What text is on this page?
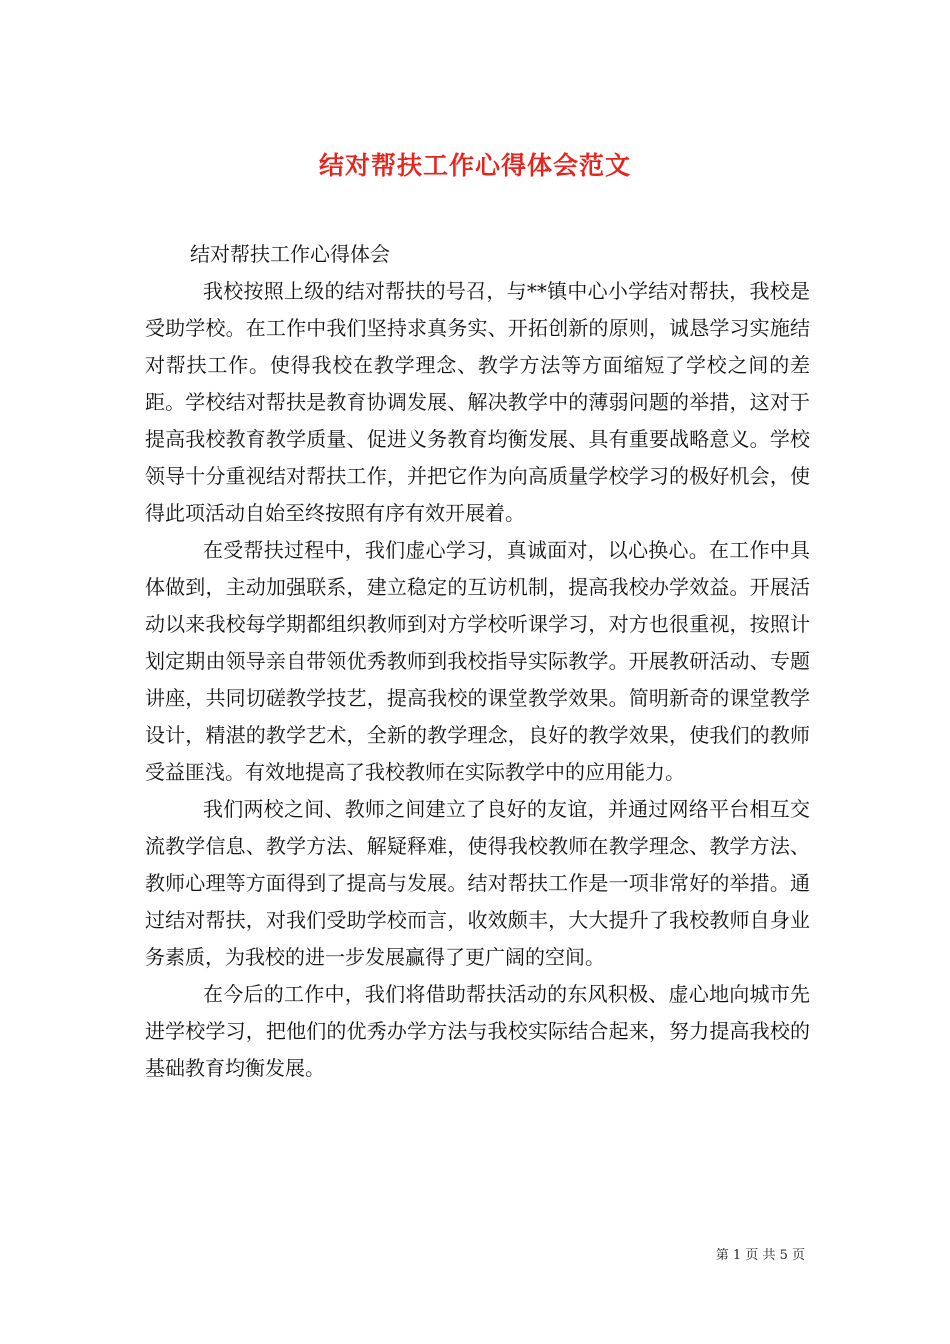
结对帮扶工作心得体会范文

结对帮扶工作心得体会

我校按照上级的结对帮扶的号召，与**镇中心小学结对帮扶，我校是受助学校。在工作中我们坚持求真务实、开拓创新的原则，诚恳学习实施结对帮扶工作。使得我校在教学理念、教学方法等方面缩短了学校之间的差距。学校结对帮扶是教育协调发展、解决教学中的薄弱问题的举措，这对于提高我校教育教学质量、促进义务教育均衡发展、具有重要战略意义。学校领导十分重视结对帮扶工作，并把它作为向高质量学校学习的极好机会，使得此项活动自始至终按照有序有效开展着。

在受帮扶过程中，我们虚心学习，真诚面对，以心换心。在工作中具体做到，主动加强联系，建立稳定的互访机制，提高我校办学效益。开展活动以来我校每学期都组织教师到对方学校听课学习，对方也很重视，按照计划定期由领导亲自带领优秀教师到我校指导实际教学。开展教研活动、专题讲座，共同切磋教学技艺，提高我校的课堂教学效果。简明新奇的课堂教学设计，精湛的教学艺术，全新的教学理念，良好的教学效果，使我们的教师受益匪浅。有效地提高了我校教师在实际教学中的应用能力。

我们两校之间、教师之间建立了良好的友谊，并通过网络平台相互交流教学信息、教学方法、解疑释难，使得我校教师在教学理念、教学方法、教师心理等方面得到了提高与发展。结对帮扶工作是一项非常好的举措。通过结对帮扶，对我们受助学校而言，收效颇丰，大大提升了我校教师自身业务素质，为我校的进一步发展赢得了更广阔的空间。

在今后的工作中，我们将借助帮扶活动的东风积极、虚心地向城市先进学校学习，把他们的优秀办学方法与我校实际结合起来，努力提高我校的基础教育均衡发展。

第 1 页 共 5 页
